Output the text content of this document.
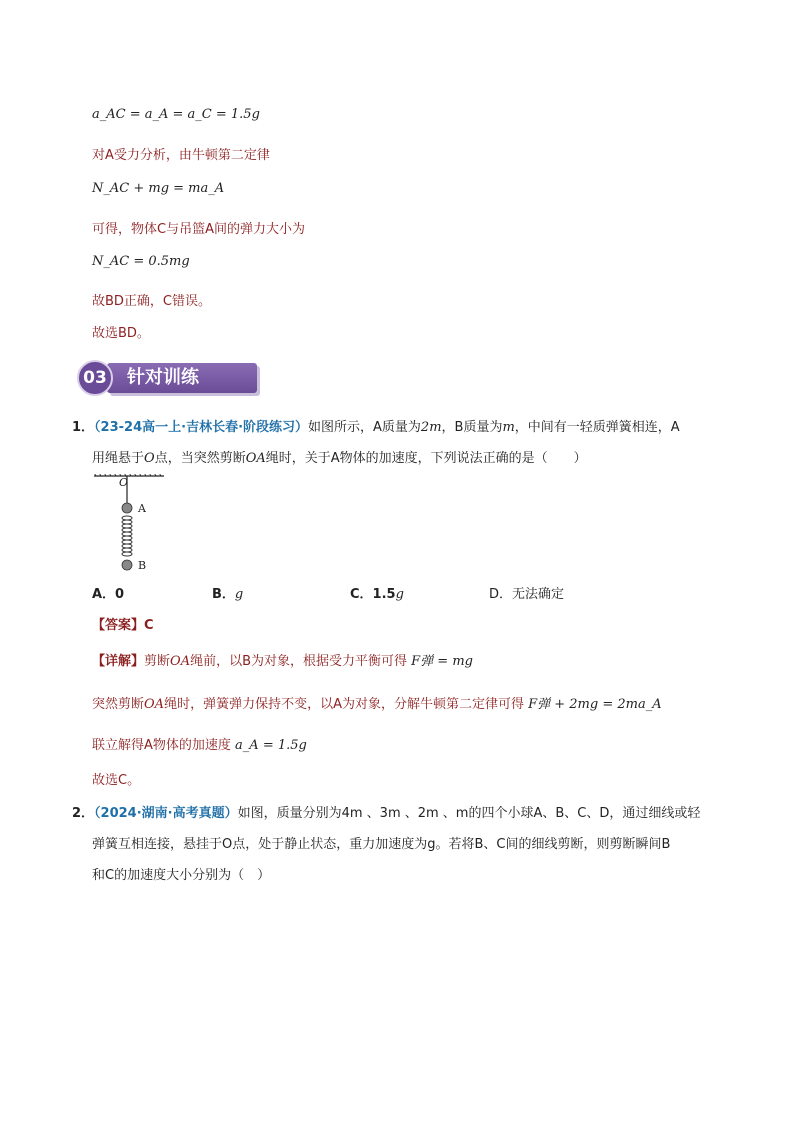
a_AC = a_A = a_C = 1.5g
对A受力分析，由牛顿第二定律
N_AC + mg = ma_A
可得，物体C与吊篮A间的弹力大小为
N_AC = 0.5mg
故BD正确，C错误。
故选BD。
03	针对训练
1．（23-24高一上·吉林长春·阶段练习）如图所示，A质量为2m，B质量为m，中间有一轻质弹簧相连，A
用绳悬于O点，当突然剪断OA绳时，关于A物体的加速度，下列说法正确的是（　　）
O
A
B
A．0	B．g	C．1.5g	D．无法确定
【答案】C
【详解】剪断OA绳前，以B为对象，根据受力平衡可得 F弹 = mg
突然剪断OA绳时，弹簧弹力保持不变，以A为对象，分解牛顿第二定律可得 F弹 + 2mg = 2ma_A
联立解得A物体的加速度 a_A = 1.5g
故选C。
2．（2024·湖南·高考真题）如图，质量分别为4m 、3m 、2m 、m的四个小球A、B、C、D，通过细线或轻
弹簧互相连接，悬挂于O点，处于静止状态，重力加速度为g。若将B、C间的细线剪断，则剪断瞬间B
和C的加速度大小分别为（　）
